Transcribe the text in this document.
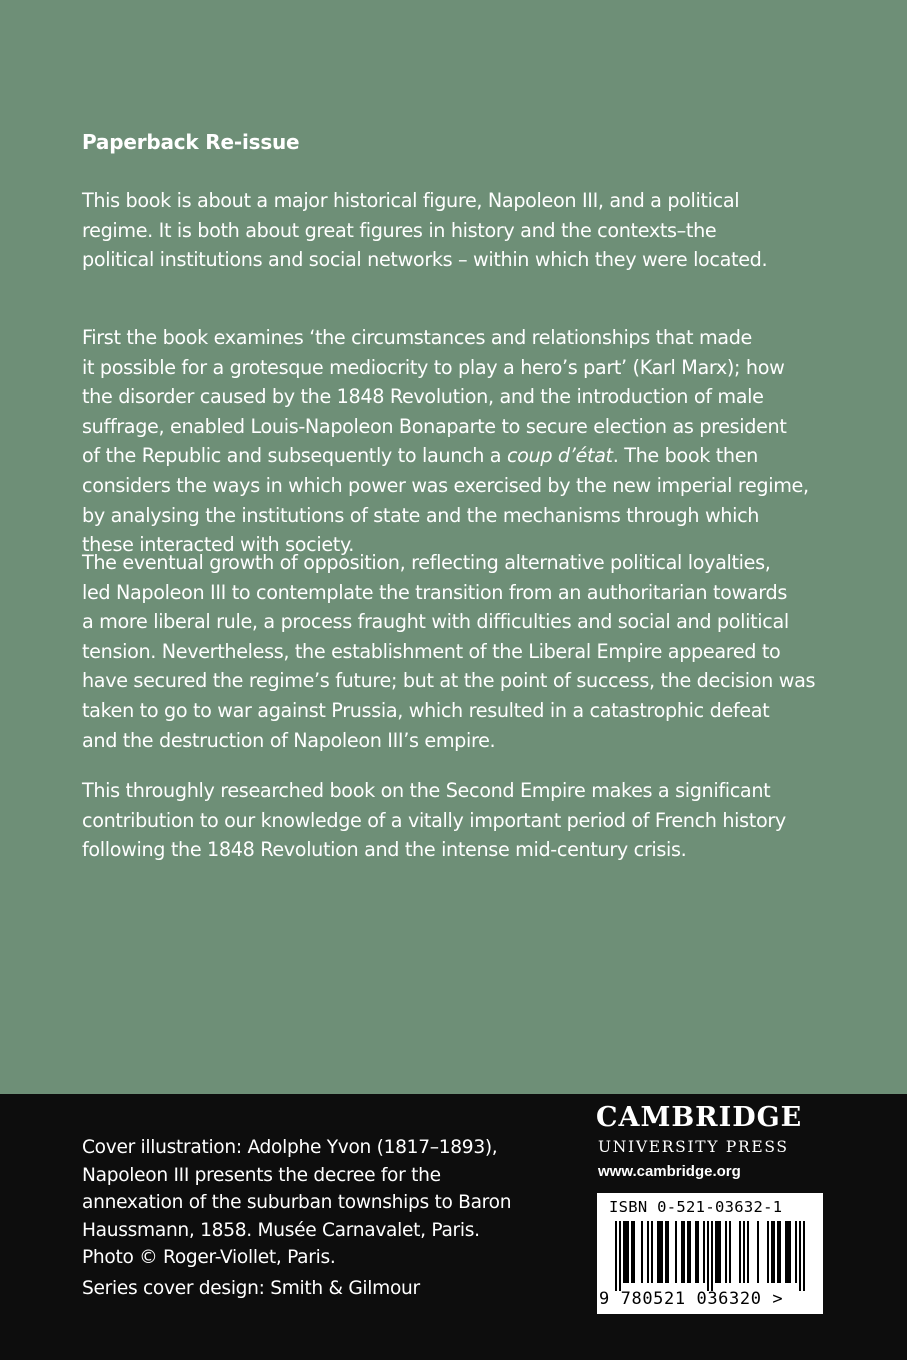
Paperback Re-issue

This book is about a major historical figure, Napoleon III, and a political

regime. It is both about great figures in history and the contexts–the

political institutions and social networks – within which they were located.

First the book examines ‘the circumstances and relationships that made

it possible for a grotesque mediocrity to play a hero’s part’ (Karl Marx); how

the disorder caused by the 1848 Revolution, and the introduction of male

suffrage, enabled Louis-Napoleon Bonaparte to secure election as president

of the Republic and subsequently to launch a coup d’état. The book then

considers the ways in which power was exercised by the new imperial regime,

by analysing the institutions of state and the mechanisms through which

these interacted with society.

The eventual growth of opposition, reflecting alternative political loyalties,

led Napoleon III to contemplate the transition from an authoritarian towards

a more liberal rule, a process fraught with difficulties and social and political

tension. Nevertheless, the establishment of the Liberal Empire appeared to

have secured the regime’s future; but at the point of success, the decision was

taken to go to war against Prussia, which resulted in a catastrophic defeat

and the destruction of Napoleon III’s empire.

This throughly researched book on the Second Empire makes a significant

contribution to our knowledge of a vitally important period of French history

following the 1848 Revolution and the intense mid-century crisis.

Cover illustration: Adolphe Yvon (1817–1893),
Napoleon III presents the decree for the
annexation of the suburban townships to Baron
Haussmann, 1858. Musée Carnavalet, Paris.
Photo © Roger-Viollet, Paris.
Series cover design: Smith & Gilmour
CAMBRIDGE
UNIVERSITY PRESS
www.cambridge.org
ISBN 0-521-03632-1
9 780521 036320 >
